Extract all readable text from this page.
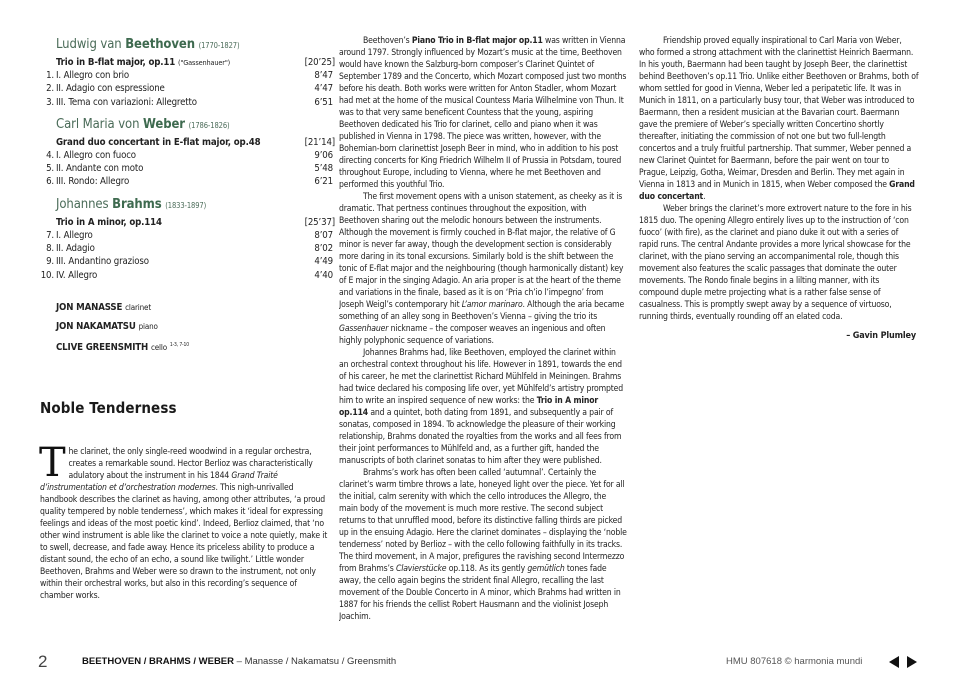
Ludwig van Beethoven (1770-1827)
Trio in B-flat major, op.11 ("Gassenhauer")	[20’25]
1. I. Allegro con brio	8’47
2. II. Adagio con espressione	4’47
3. III. Tema con variazioni: Allegretto	6’51
Carl Maria von Weber (1786-1826)
Grand duo concertant in E-flat major, op.48	[21’14]
4. I. Allegro con fuoco	9’06
5. II. Andante con moto	5’48
6. III. Rondo: Allegro	6’21
Johannes Brahms (1833-1897)
Trio in A minor, op.114	[25’37]
7. I. Allegro	8’07
8. II. Adagio	8’02
9. III. Andantino grazioso	4’49
10. IV. Allegro	4’40
JON MANASSE clarinet
JON NAKAMATSU piano
CLIVE GREENSMITH cello $^{1-3, 7-10}$
Noble Tenderness

The clarinet, the only single-reed woodwind in a regular orchestra, creates a remarkable sound. Hector Berlioz was characteristically adulatory about the instrument in his 1844 Grand Traité d’instrumentation et d’orchestration modernes. This nigh-unrivalled handbook describes the clarinet as having, among other attributes, ‘a proud quality tempered by noble tenderness’, which makes it ‘ideal for expressing feelings and ideas of the most poetic kind’. Indeed, Berlioz claimed, that ‘no other wind instrument is able like the clarinet to voice a note quietly, make it to swell, decrease, and fade away. Hence its priceless ability to produce a distant sound, the echo of an echo, a sound like twilight.’ Little wonder Beethoven, Brahms and Weber were so drawn to the instrument, not only within their orchestral works, but also in this recording’s sequence of chamber works.

Beethoven’s Piano Trio in B-flat major op.11 was written in Vienna around 1797. Strongly influenced by Mozart’s music at the time, Beethoven would have known the Salzburg-born composer’s Clarinet Quintet of September 1789 and the Concerto, which Mozart composed just two months before his death. Both works were written for Anton Stadler, whom Mozart had met at the home of the musical Countess Maria Wilhelmine von Thun. It was to that very same beneficent Countess that the young, aspiring Beethoven dedicated his Trio for clarinet, cello and piano when it was published in Vienna in 1798. The piece was written, however, with the Bohemian-born clarinettist Joseph Beer in mind, who in addition to his post directing concerts for King Friedrich Wilhelm II of Prussia in Potsdam, toured throughout Europe, including to Vienna, where he met Beethoven and performed this youthful Trio.

The first movement opens with a unison statement, as cheeky as it is dramatic. That pertness continues throughout the exposition, with Beethoven sharing out the melodic honours between the instruments. Although the movement is firmly couched in B-flat major, the relative of G minor is never far away, though the development section is considerably more daring in its tonal excursions. Similarly bold is the shift between the tonic of E-flat major and the neighbouring (though harmonically distant) key of E major in the singing Adagio. An aria proper is at the heart of the theme and variations in the finale, based as it is on ‘Pria ch’io l’impegno’ from Joseph Weigl’s contemporary hit L’amor marinaro. Although the aria became something of an alley song in Beethoven’s Vienna – giving the trio its Gassenhauer nickname – the composer weaves an ingenious and often highly polyphonic sequence of variations.

Johannes Brahms had, like Beethoven, employed the clarinet within an orchestral context throughout his life. However in 1891, towards the end of his career, he met the clarinettist Richard Mühlfeld in Meiningen. Brahms had twice declared his composing life over, yet Mühlfeld’s artistry prompted him to write an inspired sequence of new works: the Trio in A minor op.114 and a quintet, both dating from 1891, and subsequently a pair of sonatas, composed in 1894. To acknowledge the pleasure of their working relationship, Brahms donated the royalties from the works and all fees from their joint performances to Mühlfeld and, as a further gift, handed the manuscripts of both clarinet sonatas to him after they were published.

Brahms’s work has often been called ‘autumnal’. Certainly the clarinet’s warm timbre throws a late, honeyed light over the piece. Yet for all the initial, calm serenity with which the cello introduces the Allegro, the main body of the movement is much more restive. The second subject returns to that unruffled mood, before its distinctive falling thirds are picked up in the ensuing Adagio. Here the clarinet dominates – displaying the ‘noble tenderness’ noted by Berlioz – with the cello following faithfully in its tracks. The third movement, in A major, prefigures the ravishing second Intermezzo from Brahms’s Clavierstücke op.118. As its gently gemütlich tones fade away, the cello again begins the strident final Allegro, recalling the last movement of the Double Concerto in A minor, which Brahms had written in 1887 for his friends the cellist Robert Hausmann and the violinist Joseph Joachim.

Friendship proved equally inspirational to Carl Maria von Weber, who formed a strong attachment with the clarinettist Heinrich Baermann. In his youth, Baermann had been taught by Joseph Beer, the clarinettist behind Beethoven’s op.11 Trio. Unlike either Beethoven or Brahms, both of whom settled for good in Vienna, Weber led a peripatetic life. It was in Munich in 1811, on a particularly busy tour, that Weber was introduced to Baermann, then a resident musician at the Bavarian court. Baermann gave the premiere of Weber’s specially written Concertino shortly thereafter, initiating the commission of not one but two full-length concertos and a truly fruitful partnership. That summer, Weber penned a new Clarinet Quintet for Baermann, before the pair went on tour to Prague, Leipzig, Gotha, Weimar, Dresden and Berlin. They met again in Vienna in 1813 and in Munich in 1815, when Weber composed the Grand duo concertant.

Weber brings the clarinet’s more extrovert nature to the fore in his 1815 duo. The opening Allegro entirely lives up to the instruction of ‘con fuoco’ (with fire), as the clarinet and piano duke it out with a series of rapid runs. The central Andante provides a more lyrical showcase for the clarinet, with the piano serving an accompanimental role, though this movement also features the scalic passages that dominate the outer movements. The Rondo finale begins in a lilting manner, with its compound duple metre projecting what is a rather false sense of casualness. This is promptly swept away by a sequence of virtuoso, running thirds, eventually rounding off an elated coda.

– Gavin Plumley
2	BEETHOVEN / BRAHMS / WEBER – Manasse / Nakamatsu / Greensmith	HMU 807618 © harmonia mundi
